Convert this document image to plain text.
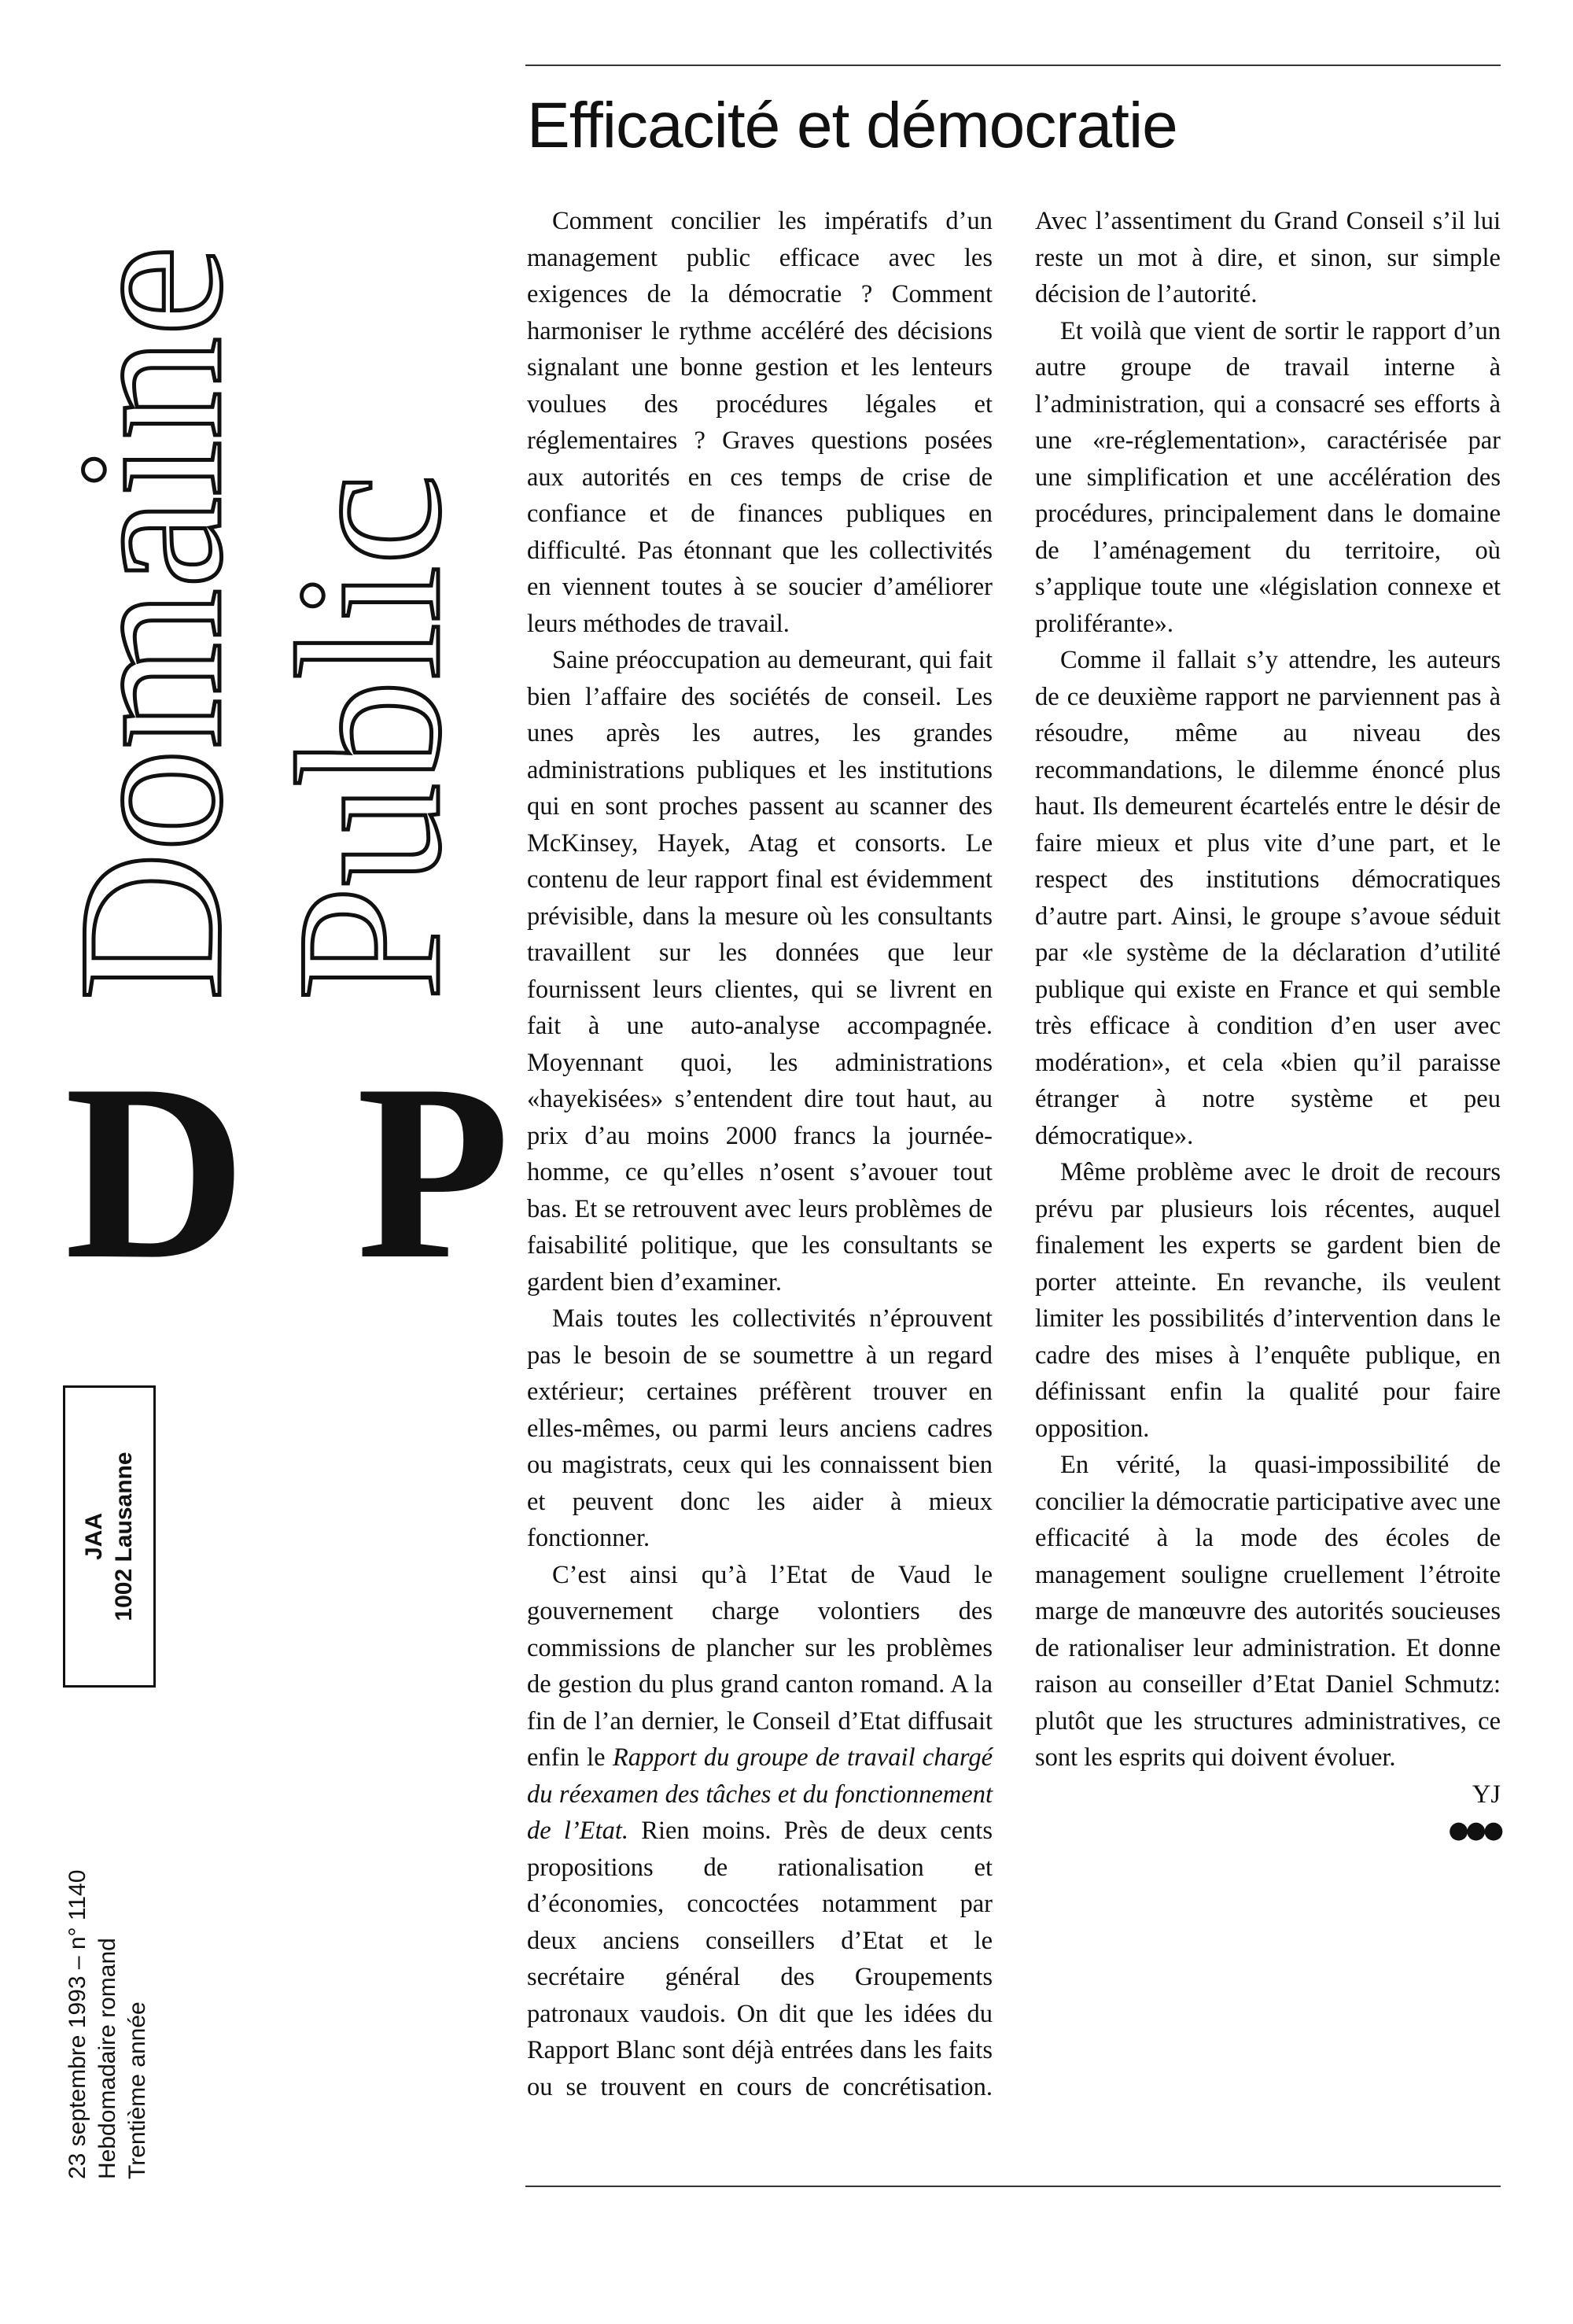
Domaine
Public
D P
JAA 1002 Lausanne
23 septembre 1993 – n° 1140 Hebdomadaire romand Trentième année
Efficacité et démocratie

Comment concilier les impératifs d’un management public efficace avec les exigences de la démocratie ? Comment harmoniser le rythme accéléré des décisions signalant une bonne gestion et les lenteurs voulues des procédures légales et réglementaires ? Graves questions posées aux autorités en ces temps de crise de confiance et de finances publiques en difficulté. Pas étonnant que les collectivités en viennent toutes à se soucier d’améliorer leurs méthodes de travail.

Saine préoccupation au demeurant, qui fait bien l’affaire des sociétés de conseil. Les unes après les autres, les grandes administrations publiques et les institutions qui en sont proches passent au scanner des McKinsey, Hayek, Atag et consorts. Le contenu de leur rapport final est évidemment prévisible, dans la mesure où les consultants travaillent sur les données que leur fournissent leurs clientes, qui se livrent en fait à une auto-analyse accompagnée. Moyennant quoi, les administrations «hayekisées» s’entendent dire tout haut, au prix d’au moins 2000 francs la journée-homme, ce qu’elles n’osent s’avouer tout bas. Et se retrouvent avec leurs problèmes de faisabilité politique, que les consultants se gardent bien d’examiner.

Mais toutes les collectivités n’éprouvent pas le besoin de se soumettre à un regard extérieur; certaines préfèrent trouver en elles-mêmes, ou parmi leurs anciens cadres ou magistrats, ceux qui les connaissent bien et peuvent donc les aider à mieux fonctionner.

C’est ainsi qu’à l’Etat de Vaud le gouvernement charge volontiers des commissions de plancher sur les problèmes de gestion du plus grand canton romand. A la fin de l’an dernier, le Conseil d’Etat diffusait enfin le Rapport du groupe de travail chargé du réexamen des tâches et du fonctionnement de l’Etat. Rien moins. Près de deux cents propositions de rationalisation et d’économies, concoctées notamment par deux anciens conseillers d’Etat et le secrétaire général des Groupements patronaux vaudois. On dit que les idées du Rapport Blanc sont déjà entrées dans les faits ou se trouvent en cours de concrétisation. Avec l’assentiment du Grand Conseil s’il lui reste un mot à dire, et sinon, sur simple décision de l’autorité.

Et voilà que vient de sortir le rapport d’un autre groupe de travail interne à l’administration, qui a consacré ses efforts à une «re-réglementation», caractérisée par une simplification et une accélération des procédures, principalement dans le domaine de l’aménagement du territoire, où s’applique toute une «législation connexe et proliférante».

Comme il fallait s’y attendre, les auteurs de ce deuxième rapport ne parviennent pas à résoudre, même au niveau des recommandations, le dilemme énoncé plus haut. Ils demeurent écartelés entre le désir de faire mieux et plus vite d’une part, et le respect des institutions démocratiques d’autre part. Ainsi, le groupe s’avoue séduit par «le système de la déclaration d’utilité publique qui existe en France et qui semble très efficace à condition d’en user avec modération», et cela «bien qu’il paraisse étranger à notre système et peu démocratique».

Même problème avec le droit de recours prévu par plusieurs lois récentes, auquel finalement les experts se gardent bien de porter atteinte. En revanche, ils veulent limiter les possibilités d’intervention dans le cadre des mises à l’enquête publique, en définissant enfin la qualité pour faire opposition.

En vérité, la quasi-impossibilité de concilier la démocratie participative avec une efficacité à la mode des écoles de management souligne cruellement l’étroite marge de manœuvre des autorités soucieuses de rationaliser leur administration. Et donne raison au conseiller d’Etat Daniel Schmutz: plutôt que les structures administratives, ce sont les esprits qui doivent évoluer.

YJ

●●●
